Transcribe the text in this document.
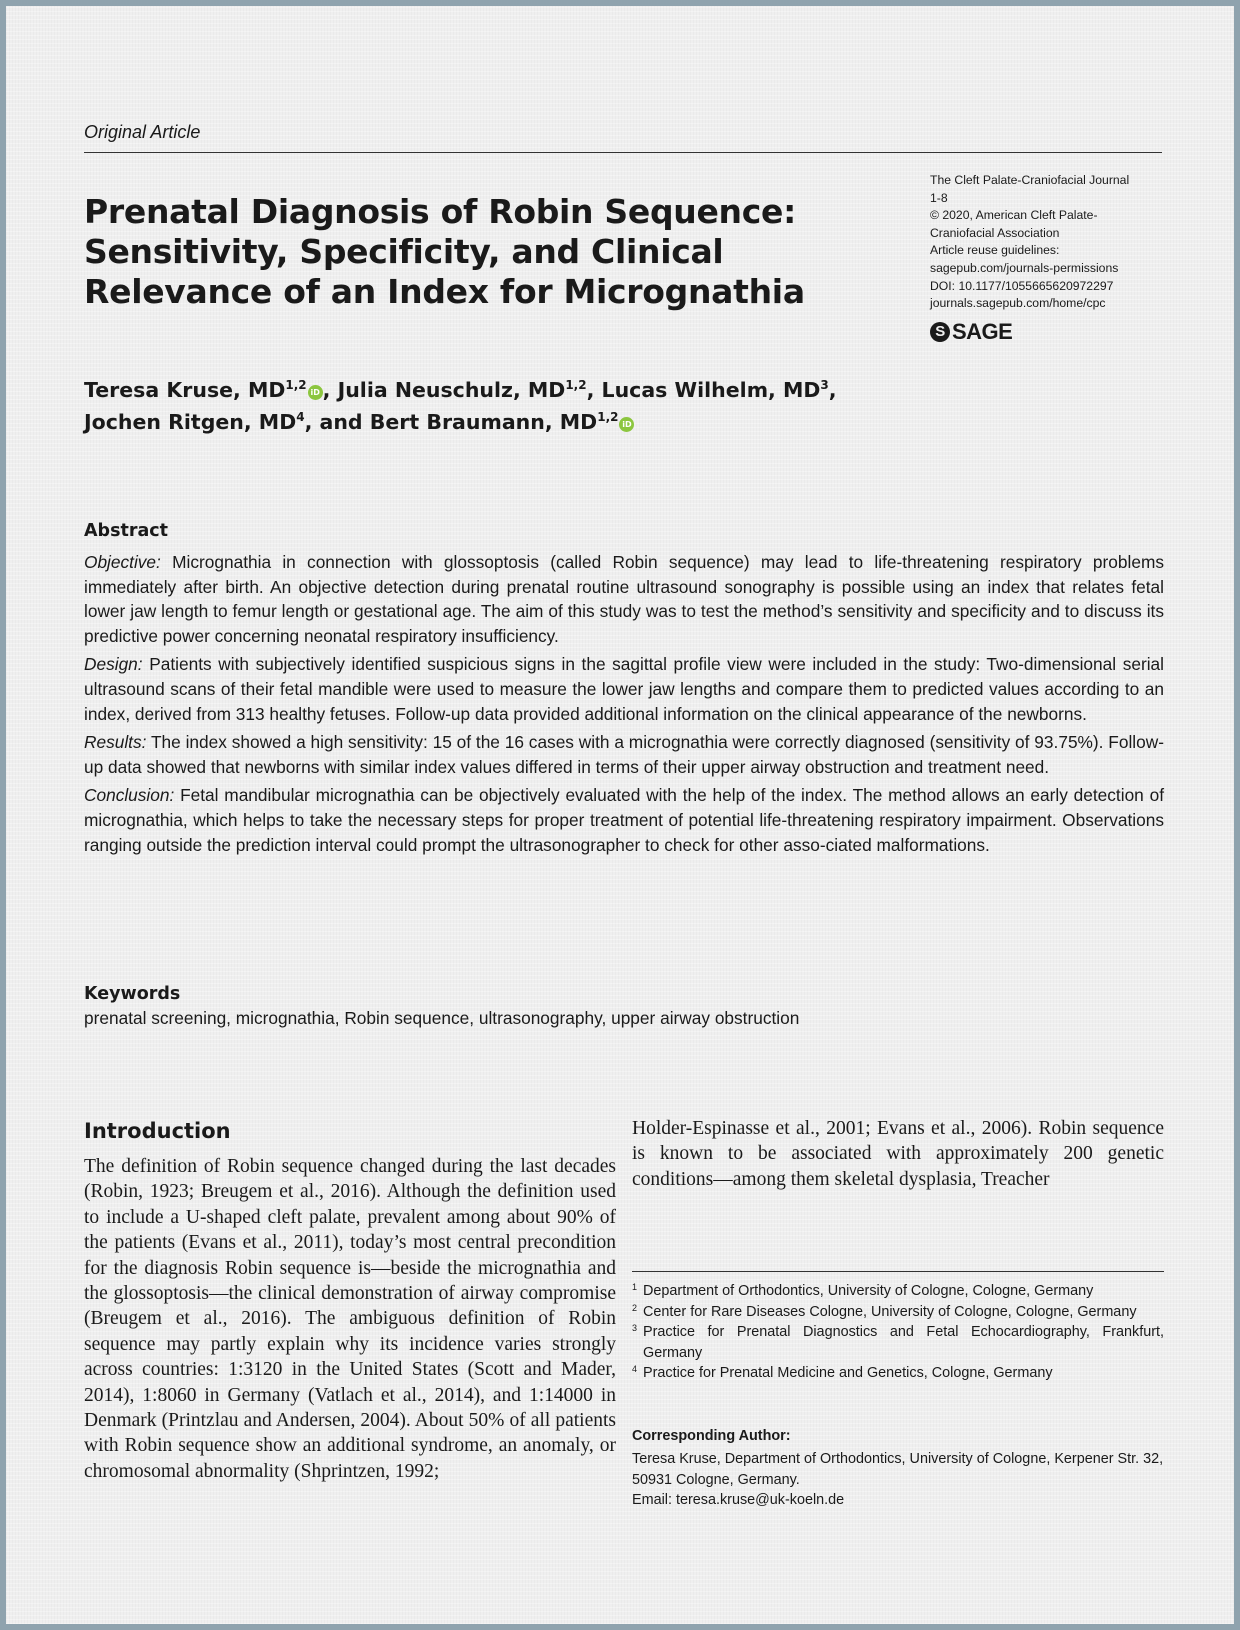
Original Article
Prenatal Diagnosis of Robin Sequence:
Sensitivity, Specificity, and Clinical
Relevance of an Index for Micrognathia
The Cleft Palate-Craniofacial Journal
1-8
© 2020, American Cleft Palate-
Craniofacial Association
Article reuse guidelines:
sagepub.com/journals-permissions
DOI: 10.1177/1055665620972297
journals.sagepub.com/home/cpc
S SAGE
Teresa Kruse, MD$^{1,2}$iD , Julia Neuschulz, MD$^{1,2}$, Lucas Wilhelm, $MD^3$,
Jochen Ritgen, $MD^4$, and Bert Braumann, MD$^{1,2}$iD
Abstract

Objective: Micrognathia in connection with glossoptosis (called Robin sequence) may lead to life-threatening respiratory problems immediately after birth. An objective detection during prenatal routine ultrasound sonography is possible using an index that relates fetal lower jaw length to femur length or gestational age. The aim of this study was to test the method’s sensitivity and specificity and to discuss its predictive power concerning neonatal respiratory insufficiency.

Design: Patients with subjectively identified suspicious signs in the sagittal profile view were included in the study: Two-dimensional serial ultrasound scans of their fetal mandible were used to measure the lower jaw lengths and compare them to predicted values according to an index, derived from 313 healthy fetuses. Follow-up data provided additional information on the clinical appearance of the newborns.

Results: The index showed a high sensitivity: 15 of the 16 cases with a micrognathia were correctly diagnosed (sensitivity of 93.75%). Follow-up data showed that newborns with similar index values differed in terms of their upper airway obstruction and treatment need.

Conclusion: Fetal mandibular micrognathia can be objectively evaluated with the help of the index. The method allows an early detection of micrognathia, which helps to take the necessary steps for proper treatment of potential life-threatening respiratory impairment. Observations ranging outside the prediction interval could prompt the ultrasonographer to check for other asso-ciated malformations.

Keywords
prenatal screening, micrognathia, Robin sequence, ultrasonography, upper airway obstruction
Introduction
The definition of Robin sequence changed during the last decades (Robin, 1923; Breugem et al., 2016). Although the definition used to include a U-shaped cleft palate, prevalent among about 90% of the patients (Evans et al., 2011), today’s most central precondition for the diagnosis Robin sequence is—beside the micrognathia and the glossoptosis—the clinical demonstration of airway compromise (Breugem et al., 2016). The ambiguous definition of Robin sequence may partly explain why its incidence varies strongly across countries: 1:3120 in the United States (Scott and Mader, 2014), 1:8060 in Germany (Vatlach et al., 2014), and 1:14000 in Denmark (Printzlau and Andersen, 2004). About 50% of all patients with Robin sequence show an additional syndrome, an anomaly, or chromosomal abnormality (Shprintzen, 1992;
Holder-Espinasse et al., 2001; Evans et al., 2006). Robin sequence is known to be associated with approximately 200 genetic conditions—among them skeletal dysplasia, Treacher
1 Department of Orthodontics, University of Cologne, Cologne, Germany
2 Center for Rare Diseases Cologne, University of Cologne, Cologne, Germany
3 Practice for Prenatal Diagnostics and Fetal Echocardiography, Frankfurt, Germany
4 Practice for Prenatal Medicine and Genetics, Cologne, Germany
Corresponding Author:
Teresa Kruse, Department of Orthodontics, University of Cologne, Kerpener Str. 32, 50931 Cologne, Germany.
Email: teresa.kruse@uk-koeln.de
